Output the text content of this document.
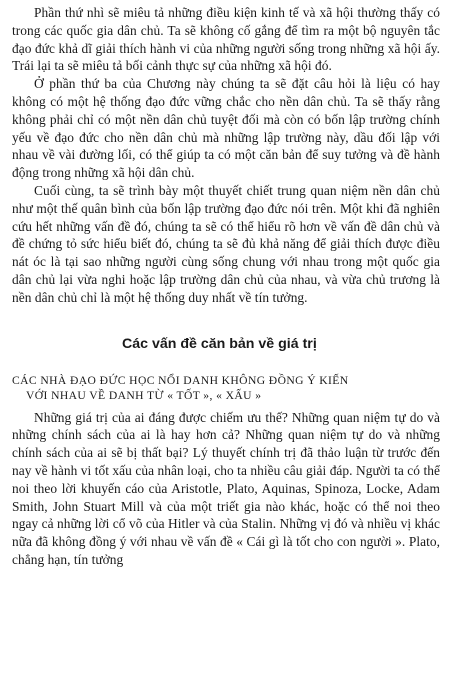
Phần thứ nhì sẽ miêu tả những điều kiện kinh tế và xã hội thường thấy có trong các quốc gia dân chủ. Ta sẽ không cố gắng để tìm ra một bộ nguyên tắc đạo đức khả dĩ giải thích hành vi của những người sống trong những xã hội ấy. Trái lại ta sẽ miêu tả bối cảnh thực sự của những xã hội đó.

Ở phần thứ ba của Chương này chúng ta sẽ đặt câu hỏi là liệu có hay không có một hệ thống đạo đức vững chắc cho nền dân chủ. Ta sẽ thấy rằng không phải chỉ có một nền dân chủ tuyệt đối mà còn có bốn lập trường chính yếu về đạo đức cho nền dân chủ mà những lập trường này, dầu đối lập với nhau về vài đường lối, có thể giúp ta có một căn bản để suy tưởng và đề hành động trong những xã hội dân chủ.

Cuối cùng, ta sẽ trình bày một thuyết chiết trung quan niệm nền dân chủ như một thế quân bình của bốn lập trường đạo đức nói trên. Một khi đã nghiên cứu hết những vấn đề đó, chúng ta sẽ có thể hiểu rõ hơn về vấn đề dân chủ và đề chứng tỏ sức hiểu biết đó, chúng ta sẽ đủ khả năng để giải thích được điều nát óc là tại sao những người cùng sống chung với nhau trong một quốc gia dân chủ lại vừa nghi hoặc lập trường dân chủ của nhau, và vừa chủ trương là nền dân chủ chỉ là một hệ thống duy nhất về tín tưởng.

Các vấn đề căn bản về giá trị
CÁC NHÀ ĐẠO ĐỨC HỌC NỔI DANH KHÔNG ĐỒNG Ý KIẾN
VỚI NHAU VỀ DANH TỪ « TỐT », « XẤU »

Những giá trị của ai đáng được chiếm ưu thế? Những quan niệm tự do và những chính sách của ai là hay hơn cả? Những quan niệm tự do và những chính sách của ai sẽ bị thất bại? Lý thuyết chính trị đã thảo luận từ trước đến nay về hành vi tốt xấu của nhân loại, cho ta nhiều câu giải đáp. Người ta có thể noi theo lời khuyến cáo của Aristotle, Plato, Aquinas, Spinoza, Locke, Adam Smith, John Stuart Mill và của một triết gia nào khác, hoặc có thể noi theo ngay cả những lời cổ võ của Hitler và của Stalin. Những vị đó và nhiều vị khác nữa đã không đồng ý với nhau về vấn đề « Cái gì là tốt cho con người ». Plato, chẳng hạn, tín tưởng
